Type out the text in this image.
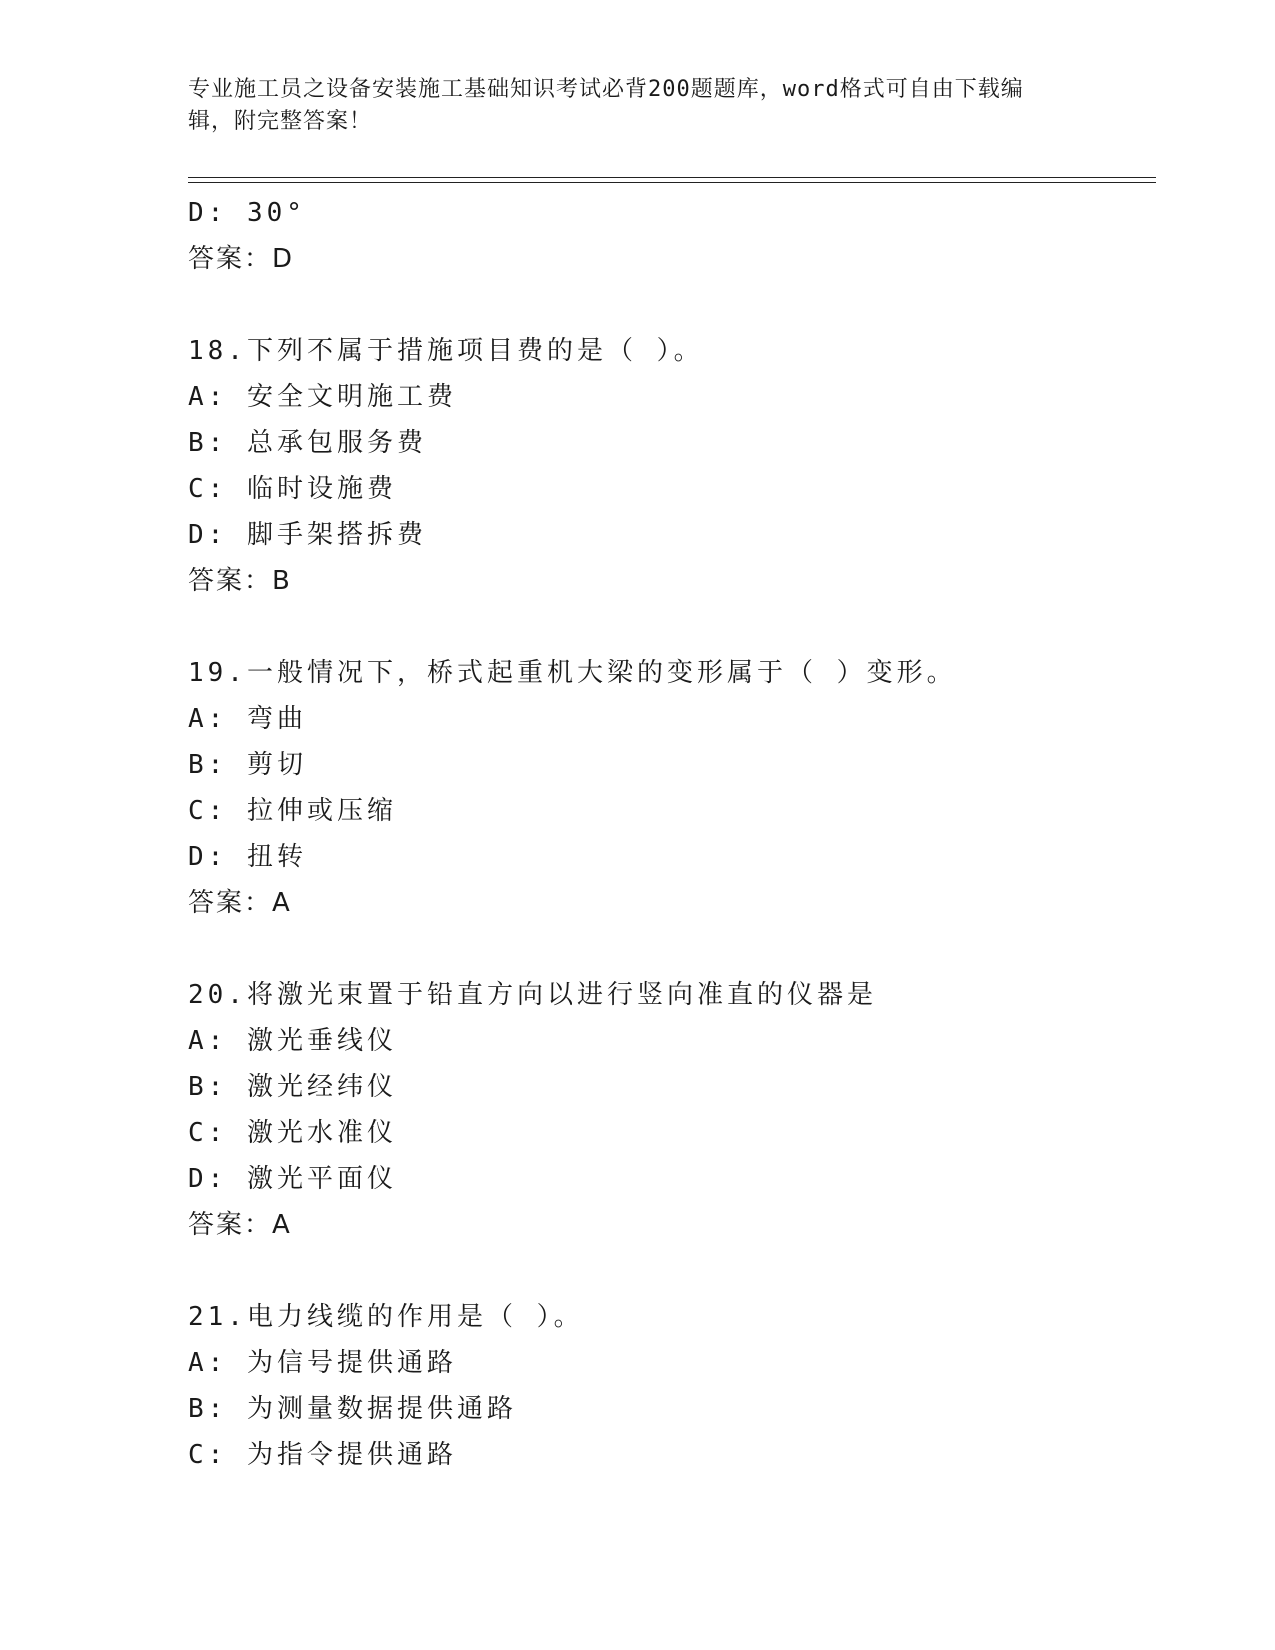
专业施工员之设备安装施工基础知识考试必背200题题库，word格式可自由下载编辑，附完整答案！
D: 30°
答案：D
18.下列不属于措施项目费的是（ ）。
A: 安全文明施工费
B: 总承包服务费
C: 临时设施费
D: 脚手架搭拆费
答案：B
19.一般情况下，桥式起重机大梁的变形属于（ ）变形。
A: 弯曲
B: 剪切
C: 拉伸或压缩
D: 扭转
答案：A
20.将激光束置于铅直方向以进行竖向准直的仪器是
A: 激光垂线仪
B: 激光经纬仪
C: 激光水准仪
D: 激光平面仪
答案：A
21.电力线缆的作用是（ ）。
A: 为信号提供通路
B: 为测量数据提供通路
C: 为指令提供通路
